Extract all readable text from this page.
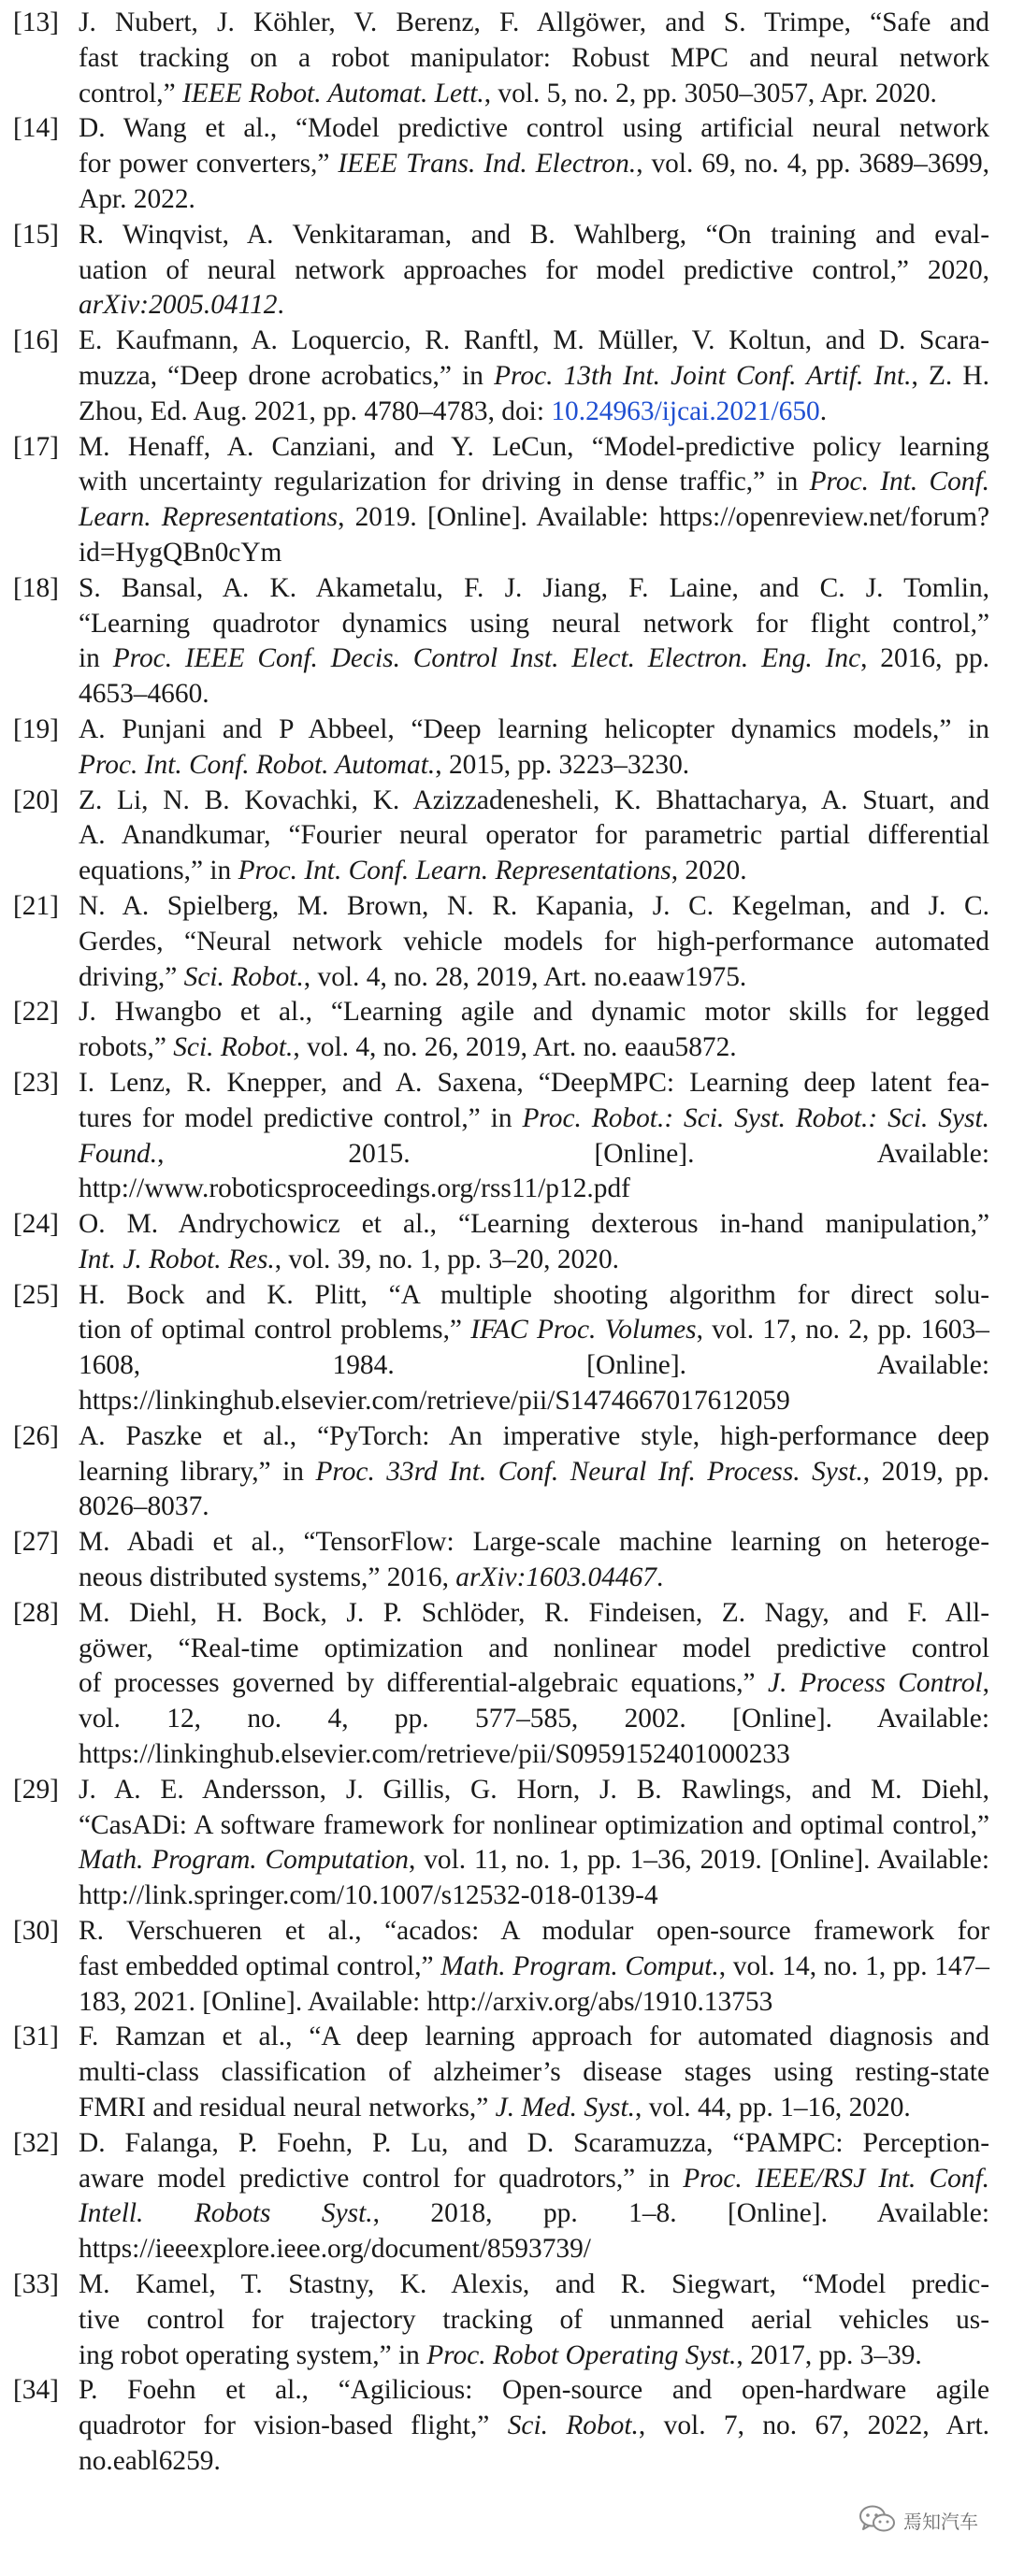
[13] J. Nubert, J. Köhler, V. Berenz, F. Allgöwer, and S. Trimpe, “Safe and
fast tracking on a robot manipulator: Robust MPC and neural network
control,” IEEE Robot. Automat. Lett., vol. 5, no. 2, pp. 3050–3057, Apr. 2020.
[14] D. Wang et al., “Model predictive control using artificial neural network
for power converters,” IEEE Trans. Ind. Electron., vol. 69, no. 4, pp. 3689–3699, Apr. 2022.
[15] R. Winqvist, A. Venkitaraman, and B. Wahlberg, “On training and eval-
uation of neural network approaches for model predictive control,” 2020, arXiv:2005.04112.
[16] E. Kaufmann, A. Loquercio, R. Ranftl, M. Müller, V. Koltun, and D. Scara-
muzza, “Deep drone acrobatics,” in Proc. 13th Int. Joint Conf. Artif. Int., Z. H. Zhou, Ed. Aug. 2021, pp. 4780–4783, doi: 10.24963/ijcai.2021/650.
[17] M. Henaff, A. Canziani, and Y. LeCun, “Model-predictive policy learning
with uncertainty regularization for driving in dense traffic,” in Proc. Int. Conf. Learn. Representations, 2019. [Online]. Available: https://openreview.net/forum?id=HygQBn0cYm
[18] S. Bansal, A. K. Akametalu, F. J. Jiang, F. Laine, and C. J. Tomlin,
“Learning quadrotor dynamics using neural network for flight control,”
in Proc. IEEE Conf. Decis. Control Inst. Elect. Electron. Eng. Inc, 2016, pp. 4653–4660.
[19] A. Punjani and P Abbeel, “Deep learning helicopter dynamics models,” in
Proc. Int. Conf. Robot. Automat., 2015, pp. 3223–3230.
[20] Z. Li, N. B. Kovachki, K. Azizzadenesheli, K. Bhattacharya, A. Stuart, and
A. Anandkumar, “Fourier neural operator for parametric partial differential
equations,” in Proc. Int. Conf. Learn. Representations, 2020.
[21] N. A. Spielberg, M. Brown, N. R. Kapania, J. C. Kegelman, and J. C.
Gerdes, “Neural network vehicle models for high-performance automated
driving,” Sci. Robot., vol. 4, no. 28, 2019, Art. no.eaaw1975.
[22] J. Hwangbo et al., “Learning agile and dynamic motor skills for legged
robots,” Sci. Robot., vol. 4, no. 26, 2019, Art. no. eaau5872.
[23] I. Lenz, R. Knepper, and A. Saxena, “DeepMPC: Learning deep latent fea-
tures for model predictive control,” in Proc. Robot.: Sci. Syst. Robot.: Sci. Syst. Found., 2015. [Online]. Available: http://www.roboticsproceedings.org/rss11/p12.pdf
[24] O. M. Andrychowicz et al., “Learning dexterous in-hand manipulation,”
Int. J. Robot. Res., vol. 39, no. 1, pp. 3–20, 2020.
[25] H. Bock and K. Plitt, “A multiple shooting algorithm for direct solu-
tion of optimal control problems,” IFAC Proc. Volumes, vol. 17, no. 2, pp. 1603–1608, 1984. [Online]. Available: https://linkinghub.elsevier.com/retrieve/pii/S1474667017612059
[26] A. Paszke et al., “PyTorch: An imperative style, high-performance deep
learning library,” in Proc. 33rd Int. Conf. Neural Inf. Process. Syst., 2019, pp. 8026–8037.
[27] M. Abadi et al., “TensorFlow: Large-scale machine learning on heteroge-
neous distributed systems,” 2016, arXiv:1603.04467.
[28] M. Diehl, H. Bock, J. P. Schlöder, R. Findeisen, Z. Nagy, and F. All-
göwer, “Real-time optimization and nonlinear model predictive control
of processes governed by differential-algebraic equations,” J. Process Control, vol. 12, no. 4, pp. 577–585, 2002. [Online]. Available: https://linkinghub.elsevier.com/retrieve/pii/S0959152401000233
[29] J. A. E. Andersson, J. Gillis, G. Horn, J. B. Rawlings, and M. Diehl,
“CasADi: A software framework for nonlinear optimization and optimal control,” Math. Program. Computation, vol. 11, no. 1, pp. 1–36, 2019. [Online]. Available: http://link.springer.com/10.1007/s12532-018-0139-4
[30] R. Verschueren et al., “acados: A modular open-source framework for
fast embedded optimal control,” Math. Program. Comput., vol. 14, no. 1, pp. 147–183, 2021. [Online]. Available: http://arxiv.org/abs/1910.13753
[31] F. Ramzan et al., “A deep learning approach for automated diagnosis and
multi-class classification of alzheimer’s disease stages using resting-state
FMRI and residual neural networks,” J. Med. Syst., vol. 44, pp. 1–16, 2020.
[32] D. Falanga, P. Foehn, P. Lu, and D. Scaramuzza, “PAMPC: Perception-
aware model predictive control for quadrotors,” in Proc. IEEE/RSJ Int. Conf. Intell. Robots Syst., 2018, pp. 1–8. [Online]. Available: https://ieeexplore.ieee.org/document/8593739/
[33] M. Kamel, T. Stastny, K. Alexis, and R. Siegwart, “Model predic-
tive control for trajectory tracking of unmanned aerial vehicles us-
ing robot operating system,” in Proc. Robot Operating Syst., 2017, pp. 3–39.
[34] P. Foehn et al., “Agilicious: Open-source and open-hardware agile
quadrotor for vision-based flight,” Sci. Robot., vol. 7, no. 67, 2022, Art. no.eabl6259.
焉知汽车
